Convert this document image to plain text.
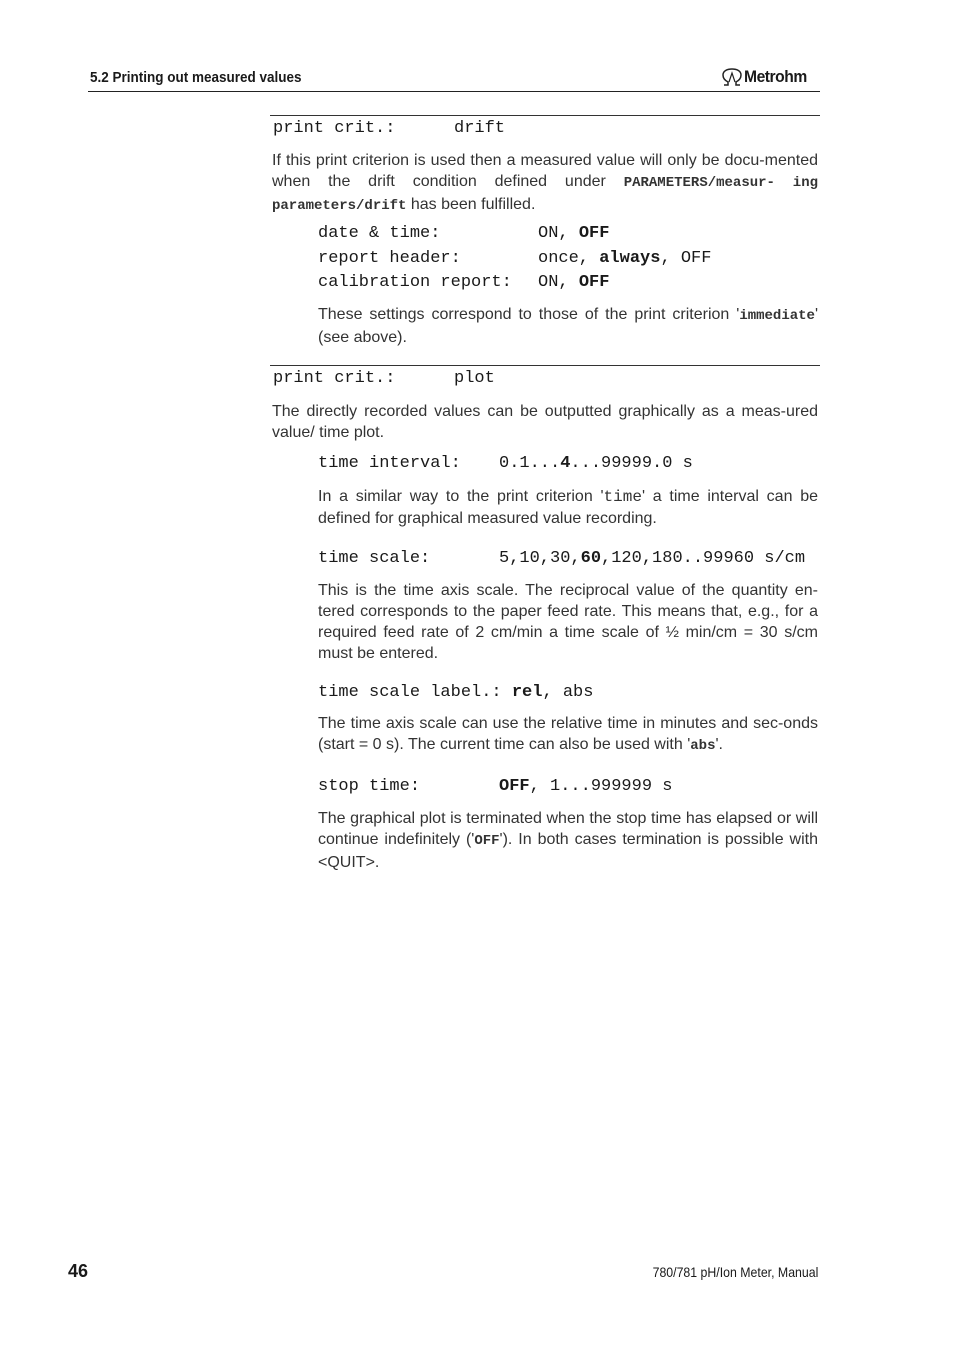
5.2 Printing out measured values	Metrohm
print crit.:	drift
If this print criterion is used then a measured value will only be docu-mented when the drift condition defined under PARAMETERS/measur- ing parameters/drift has been fulfilled.
date & time:	ON, OFF
report header:	once, always, OFF
calibration report: ON, OFF
These settings correspond to those of the print criterion 'immediate' (see above).
print crit.:	plot
The directly recorded values can be outputted graphically as a meas-ured value/ time plot.
time interval: 0.1...4...99999.0 s
In a similar way to the print criterion 'time' a time interval can be defined for graphical measured value recording.
time scale:	5,10,30,60,120,180..99960 s/cm
This is the time axis scale. The reciprocal value of the quantity en-tered corresponds to the paper feed rate. This means that, e.g., for a required feed rate of 2 cm/min a time scale of ½ min/cm = 30 s/cm must be entered.
time scale label.: rel, abs
The time axis scale can use the relative time in minutes and sec-onds (start = 0 s). The current time can also be used with 'abs'.
stop time:	OFF, 1...999999 s
The graphical plot is terminated when the stop time has elapsed or will continue indefinitely ('OFF'). In both cases termination is possible with <QUIT>.
46	780/781 pH/Ion Meter, Manual
